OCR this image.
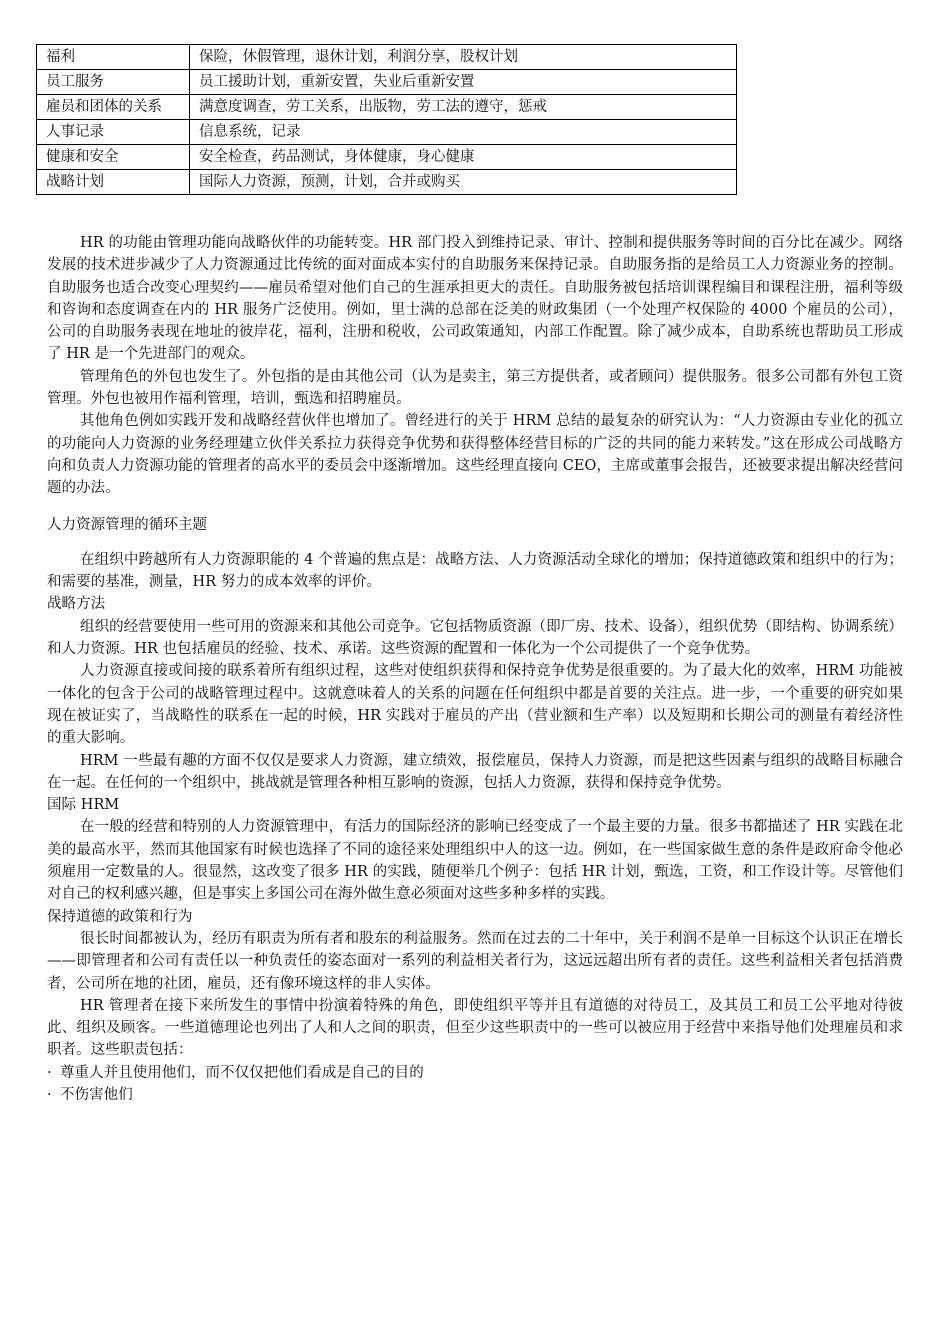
福利	保险，休假管理，退休计划，利润分享，股权计划
员工服务	员工援助计划，重新安置，失业后重新安置
雇员和团体的关系	满意度调查，劳工关系，出版物，劳工法的遵守，惩戒
人事记录	信息系统，记录
健康和安全	安全检查，药品测试，身体健康，身心健康
战略计划	国际人力资源，预测，计划，合并或购买

HR 的功能由管理功能向战略伙伴的功能转变。HR 部门投入到维持记录、审计、控制和提供服务等时间的百分比在减少。网络发展的技术进步减少了人力资源通过比传统的面对面成本实付的自助服务来保持记录。自助服务指的是给员工人力资源业务的控制。自助服务也适合改变心理契约——雇员希望对他们自己的生涯承担更大的责任。自助服务被包括培训课程编目和课程注册，福利等级和咨询和态度调查在内的 HR 服务广泛使用。例如，里士满的总部在泛美的财政集团（一个处理产权保险的 4000 个雇员的公司），公司的自助服务表现在地址的彼岸花，福利，注册和税收，公司政策通知，内部工作配置。除了减少成本，自助系统也帮助员工形成了 HR 是一个先进部门的观众。

管理角色的外包也发生了。外包指的是由其他公司（认为是卖主，第三方提供者，或者顾问）提供服务。很多公司都有外包工资管理。外包也被用作福利管理，培训，甄选和招聘雇员。

其他角色例如实践开发和战略经营伙伴也增加了。曾经进行的关于 HRM 总结的最复杂的研究认为：“人力资源由专业化的孤立的功能向人力资源的业务经理建立伙伴关系拉力获得竞争优势和获得整体经营目标的广泛的共同的能力来转发。”这在形成公司战略方向和负责人力资源功能的管理者的高水平的委员会中逐渐增加。这些经理直接向 CEO，主席或董事会报告，还被要求提出解决经营问题的办法。

人力资源管理的循环主题

在组织中跨越所有人力资源职能的 4 个普遍的焦点是：战略方法、人力资源活动全球化的增加；保持道德政策和组织中的行为；和需要的基准，测量，HR 努力的成本效率的评价。

战略方法

组织的经营要使用一些可用的资源来和其他公司竞争。它包括物质资源（即厂房、技术、设备），组织优势（即结构、协调系统）和人力资源。HR 也包括雇员的经验、技术、承诺。这些资源的配置和一体化为一个公司提供了一个竞争优势。

人力资源直接或间接的联系着所有组织过程，这些对使组织获得和保持竞争优势是很重要的。为了最大化的效率，HRM 功能被一体化的包含于公司的战略管理过程中。这就意味着人的关系的问题在任何组织中都是首要的关注点。进一步，一个重要的研究如果现在被证实了，当战略性的联系在一起的时候，HR 实践对于雇员的产出（营业额和生产率）以及短期和长期公司的测量有着经济性的重大影响。

HRM 一些最有趣的方面不仅仅是要求人力资源，建立绩效，报偿雇员，保持人力资源，而是把这些因素与组织的战略目标融合在一起。在任何的一个组织中，挑战就是管理各种相互影响的资源，包括人力资源，获得和保持竞争优势。

国际 HRM

在一般的经营和特别的人力资源管理中，有活力的国际经济的影响已经变成了一个最主要的力量。很多书都描述了 HR 实践在北美的最高水平，然而其他国家有时候也选择了不同的途径来处理组织中人的这一边。例如，在一些国家做生意的条件是政府命令他必须雇用一定数量的人。很显然，这改变了很多 HR 的实践，随便举几个例子：包括 HR 计划，甄选，工资，和工作设计等。尽管他们对自己的权利感兴趣，但是事实上多国公司在海外做生意必须面对这些多种多样的实践。

保持道德的政策和行为

很长时间都被认为，经历有职责为所有者和股东的利益服务。然而在过去的二十年中，关于利润不是单一目标这个认识正在增长——即管理者和公司有责任以一种负责任的姿态面对一系列的利益相关者行为，这远远超出所有者的责任。这些利益相关者包括消费者，公司所在地的社团，雇员，还有像环境这样的非人实体。

HR 管理者在接下来所发生的事情中扮演着特殊的角色，即使组织平等并且有道德的对待员工，及其员工和员工公平地对待彼此、组织及顾客。一些道德理论也列出了人和人之间的职责，但至少这些职责中的一些可以被应用于经营中来指导他们处理雇员和求职者。这些职责包括：

· 尊重人并且使用他们，而不仅仅把他们看成是自己的目的

· 不伤害他们
